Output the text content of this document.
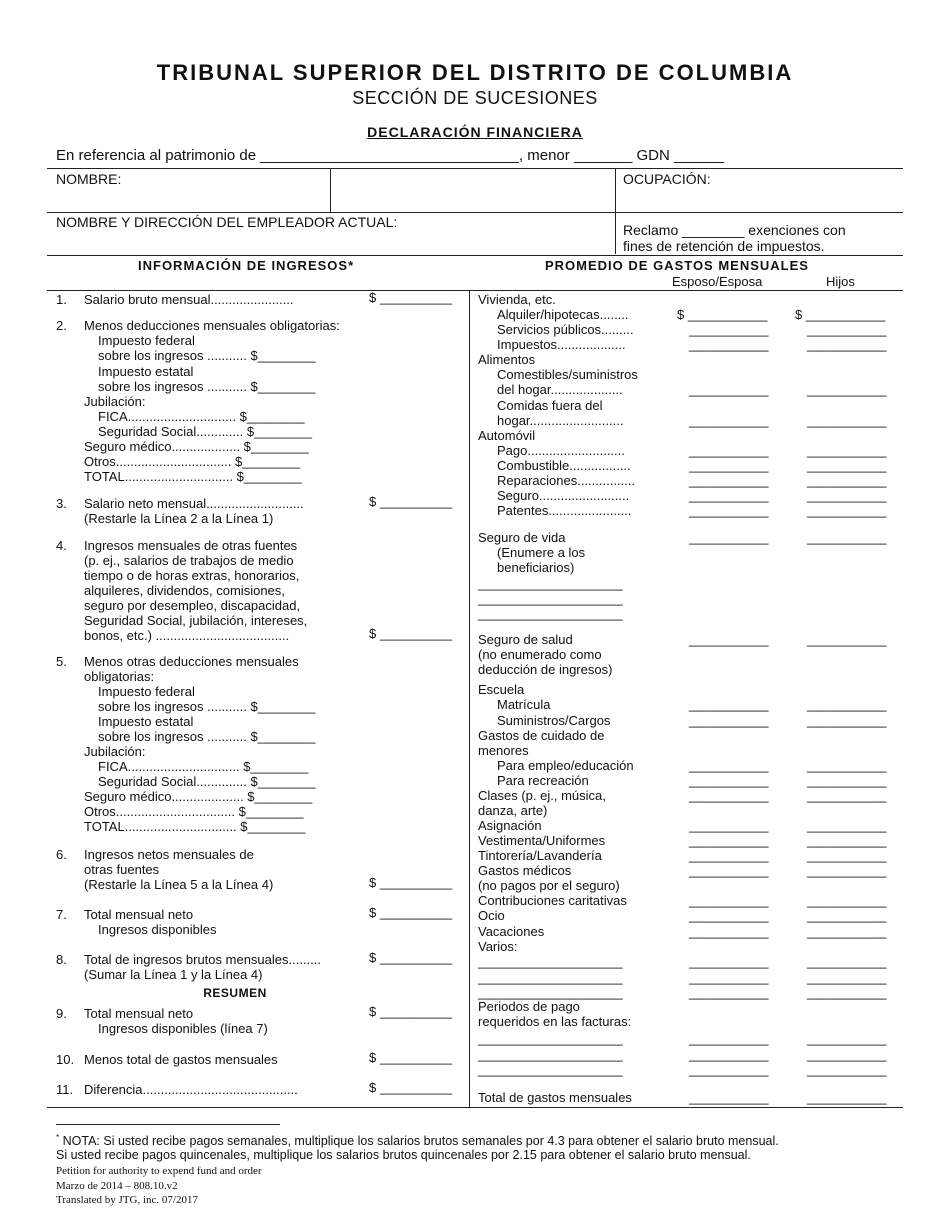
TRIBUNAL SUPERIOR DEL DISTRITO DE COLUMBIA
SECCIÓN DE SUCESIONES
DECLARACIÓN FINANCIERA
En referencia al patrimonio de _______________________________, menor _______ GDN ______
NOMBRE:	OCUPACIÓN:
NOMBRE Y DIRECCIÓN DEL EMPLEADOR ACTUAL:	Reclamo ________ exenciones con
fines de retención de impuestos.
INFORMACIÓN DE INGRESOS*	PROMEDIO DE GASTOS MENSUALES
Esposo/Esposa	Hijos
RESUMEN
1. Salario bruto mensual.......................	$ __________
2. Menos deducciones mensuales obligatorias:
Impuesto federal
sobre los ingresos ........... $________
Impuesto estatal
sobre los ingresos ........... $________
Jubilación:
FICA.............................. $________
Seguridad Social............. $________
Seguro médico................... $________
Otros................................ $________
TOTAL.............................. $________
3. Salario neto mensual...........................	$ __________
(Restarle la Línea 2 a la Línea 1)
4. Ingresos mensuales de otras fuentes
(p. ej., salarios de trabajos de medio
tiempo o de horas extras, honorarios,
alquileres, dividendos, comisiones,
seguro por desempleo, discapacidad,
Seguridad Social, jubilación, intereses,
bonos, etc.) .....................................	$ __________
5. Menos otras deducciones mensuales
obligatorias:
Impuesto federal
sobre los ingresos ........... $________
Impuesto estatal
sobre los ingresos ........... $________
Jubilación:
FICA............................... $________
Seguridad Social.............. $________
Seguro médico.................... $________
Otros................................. $________
TOTAL............................... $________
6. Ingresos netos mensuales de
otras fuentes
(Restarle la Línea 5 a la Línea 4)	$ __________
7. Total mensual neto	$ __________
Ingresos disponibles
8. Total de ingresos brutos mensuales.........	$ __________
(Sumar la Línea 1 y la Línea 4)
9. Total mensual neto	$ __________
Ingresos disponibles (línea 7)
10. Menos total de gastos mensuales	$ __________
11. Diferencia...........................................	$ __________
Vivienda, etc.
Alquiler/hipotecas........	$ ___________ $ ___________
Servicios públicos.........	___________	___________
Impuestos...................	___________	___________
Alimentos
Comestibles/suministros
del hogar....................	___________	___________
Comidas fuera del
hogar..........................	___________	___________
Automóvil
Pago...........................	___________	___________
Combustible.................	___________	___________
Reparaciones................	___________	___________
Seguro.........................	___________	___________
Patentes.......................	___________	___________
Seguro de vida	___________	___________
(Enumere a los
beneficiarios)
____________________
____________________
____________________
Seguro de salud	___________	___________
(no enumerado como
deducción de ingresos)
Escuela
Matrícula	___________	___________
Suministros/Cargos	___________	___________
Gastos de cuidado de
menores
Para empleo/educación	___________	___________
Para recreación	___________	___________
Clases (p. ej., música,	___________	___________
danza, arte)
Asignación	___________	___________
Vestimenta/Uniformes	___________	___________
Tintorería/Lavandería	___________	___________
Gastos médicos	___________	___________
(no pagos por el seguro)
Contribuciones caritativas	___________	___________
Ocio	___________	___________
Vacaciones	___________	___________
Varios:
____________________	___________	___________
____________________	___________	___________
____________________	___________	___________
Periodos de pago
requeridos en las facturas:
____________________	___________	___________
____________________	___________	___________
____________________	___________	___________
Total de gastos mensuales	___________	___________
* NOTA: Si usted recibe pagos semanales, multiplique los salarios brutos semanales por 4.3 para obtener el salario bruto mensual.
Si usted recibe pagos quincenales, multiplique los salarios brutos quincenales por 2.15 para obtener el salario bruto mensual.
Petition for authority to expend fund and order
Marzo de 2014 – 808.10.v2
Translated by JTG, inc. 07/2017
